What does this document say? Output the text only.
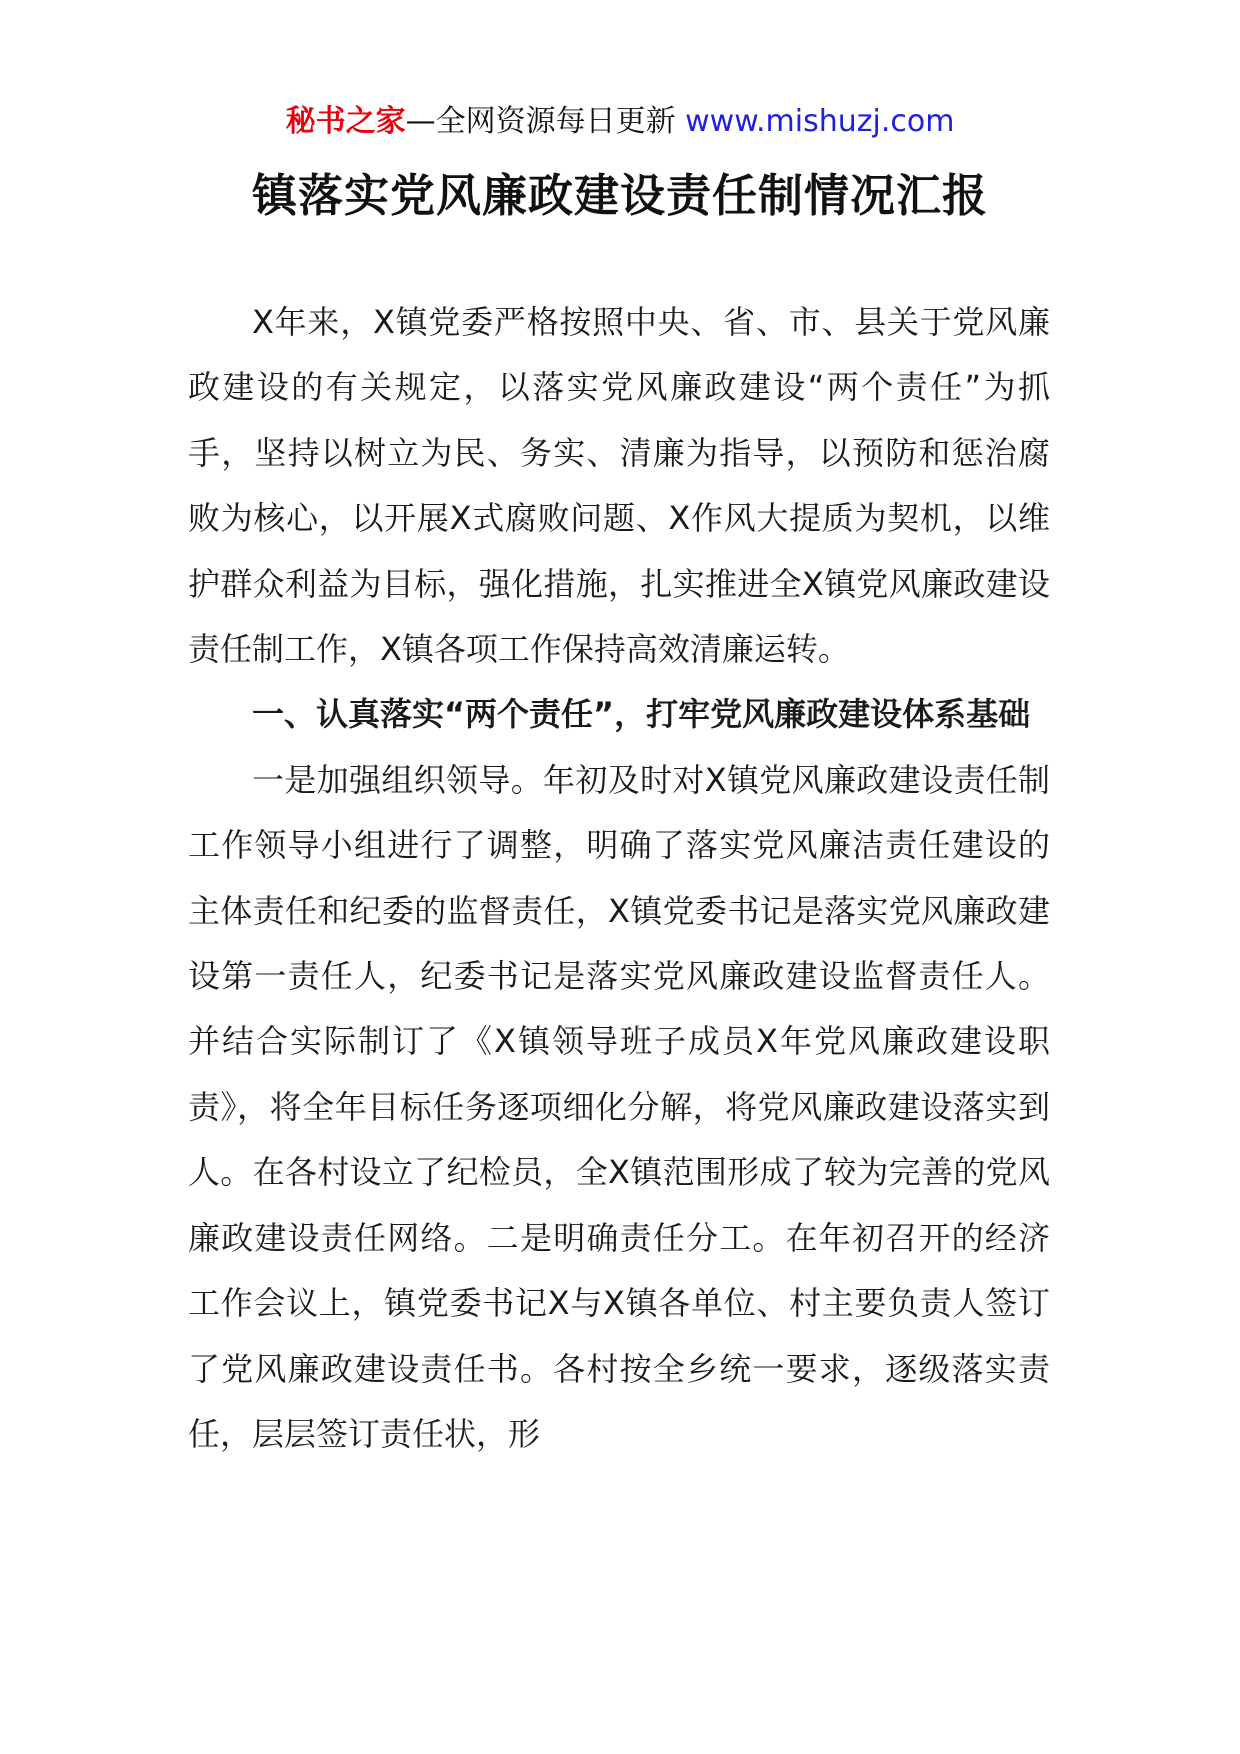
秘书之家—全网资源每日更新 www.mishuzj.com
镇落实党风廉政建设责任制情况汇报

X年来，X镇党委严格按照中央、省、市、县关于党风廉政建设的有关规定，以落实党风廉政建设“两个责任”为抓手，坚持以树立为民、务实、清廉为指导，以预防和惩治腐败为核心，以开展X式腐败问题、X作风大提质为契机，以维护群众利益为目标，强化措施，扎实推进全X镇党风廉政建设责任制工作，X镇各项工作保持高效清廉运转。

一、认真落实“两个责任”，打牢党风廉政建设体系基础

一是加强组织领导。年初及时对X镇党风廉政建设责任制工作领导小组进行了调整，明确了落实党风廉洁责任建设的主体责任和纪委的监督责任，X镇党委书记是落实党风廉政建设第一责任人，纪委书记是落实党风廉政建设监督责任人。并结合实际制订了《X镇领导班子成员X年党风廉政建设职责》，将全年目标任务逐项细化分解，将党风廉政建设落实到人。在各村设立了纪检员，全X镇范围形成了较为完善的党风廉政建设责任网络。二是明确责任分工。在年初召开的经济工作会议上，镇党委书记X与X镇各单位、村主要负责人签订了党风廉政建设责任书。各村按全乡统一要求，逐级落实责任，层层签订责任状，形
